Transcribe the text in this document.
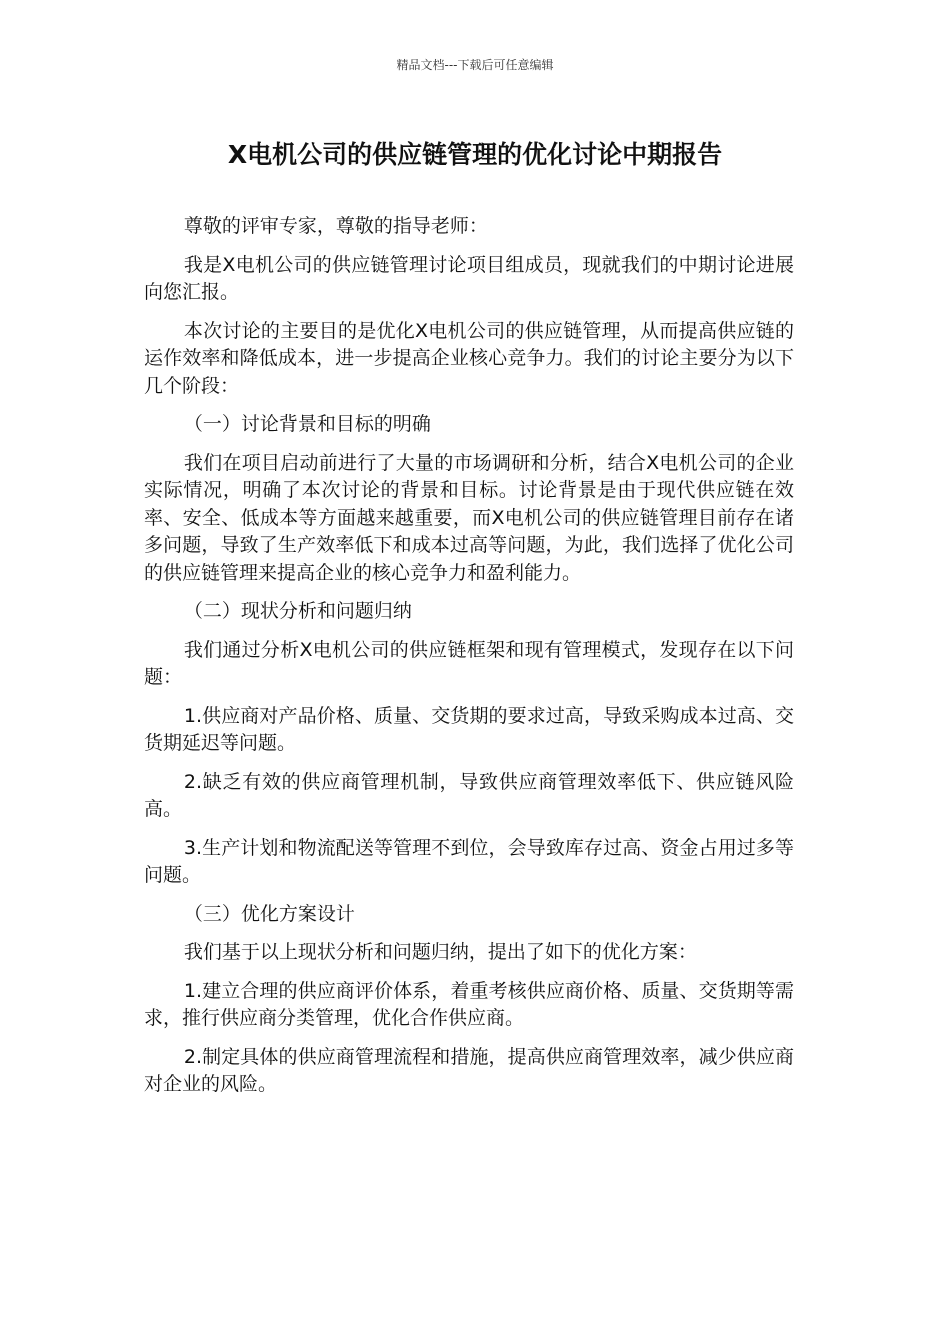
精品文档---下载后可任意编辑
X电机公司的供应链管理的优化讨论中期报告

尊敬的评审专家，尊敬的指导老师：

我是X电机公司的供应链管理讨论项目组成员，现就我们的中期讨论进展向您汇报。

本次讨论的主要目的是优化X电机公司的供应链管理，从而提高供应链的运作效率和降低成本，进一步提高企业核心竞争力。我们的讨论主要分为以下几个阶段：

（一）讨论背景和目标的明确

我们在项目启动前进行了大量的市场调研和分析，结合X电机公司的企业实际情况，明确了本次讨论的背景和目标。讨论背景是由于现代供应链在效率、安全、低成本等方面越来越重要，而X电机公司的供应链管理目前存在诸多问题，导致了生产效率低下和成本过高等问题，为此，我们选择了优化公司的供应链管理来提高企业的核心竞争力和盈利能力。

（二）现状分析和问题归纳

我们通过分析X电机公司的供应链框架和现有管理模式，发现存在以下问题：

1.供应商对产品价格、质量、交货期的要求过高，导致采购成本过高、交货期延迟等问题。

2.缺乏有效的供应商管理机制，导致供应商管理效率低下、供应链风险高。

3.生产计划和物流配送等管理不到位，会导致库存过高、资金占用过多等问题。

（三）优化方案设计

我们基于以上现状分析和问题归纳，提出了如下的优化方案：

1.建立合理的供应商评价体系，着重考核供应商价格、质量、交货期等需求，推行供应商分类管理，优化合作供应商。

2.制定具体的供应商管理流程和措施，提高供应商管理效率，减少供应商对企业的风险。
